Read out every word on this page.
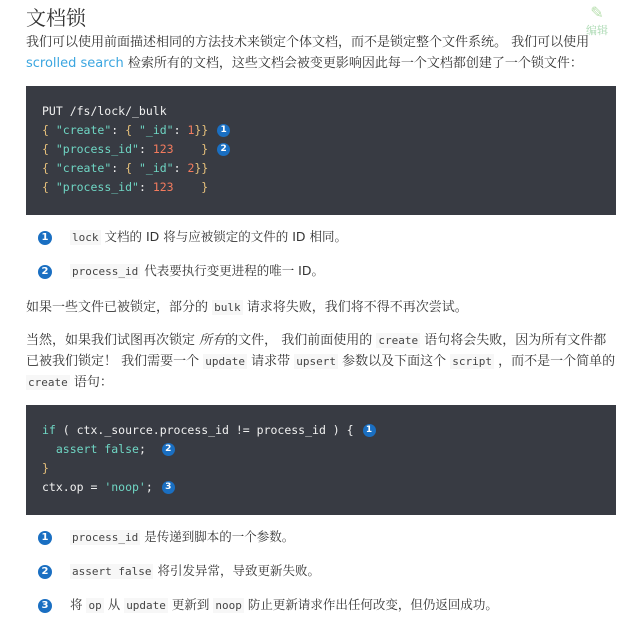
文档锁	✎
编辑

我们可以使用前面描述相同的方法技术来锁定个体文档，而不是锁定整个文件系统。 我们可以使用 scrolled search 检索所有的文档，这些文档会被变更影响因此每一个文档都创建了一个锁文件：

PUT /fs/lock/_bulk
{ "create": { "_id": 1}} 1
{ "process_id": 123    } 2
{ "create": { "_id": 2}}
{ "process_id": 123    }
1	lock 文档的 ID 将与应被锁定的文件的 ID 相同。
2	process_id 代表要执行变更进程的唯一 ID。

如果一些文件已被锁定，部分的 bulk 请求将失败，我们将不得不再次尝试。

当然，如果我们试图再次锁定 所有的文件， 我们前面使用的 create 语句将会失败，因为所有文件都已被我们锁定！ 我们需要一个 update 请求带 upsert 参数以及下面这个 script ，而不是一个简单的 create 语句：

if ( ctx._source.process_id != process_id ) { 1
assert false;  2
}
ctx.op = 'noop'; 3
1	process_id 是传递到脚本的一个参数。
2	assert false 将引发异常，导致更新失败。
3 将 op 从 update 更新到 noop 防止更新请求作出任何改变，但仍返回成功。
